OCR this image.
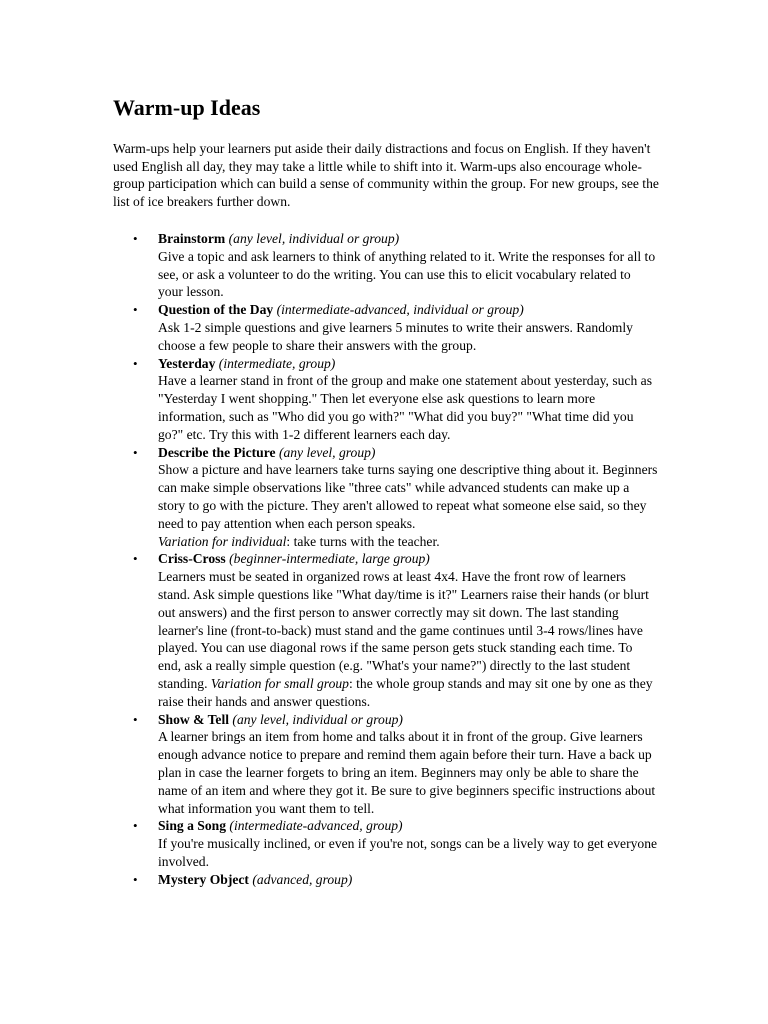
Warm-up Ideas

Warm-ups help your learners put aside their daily distractions and focus on English. If they haven't used English all day, they may take a little while to shift into it. Warm-ups also encourage whole-group participation which can build a sense of community within the group. For new groups, see the list of ice breakers further down.

• Brainstorm (any level, individual or group)
Give a topic and ask learners to think of anything related to it. Write the responses for all to see, or ask a volunteer to do the writing. You can use this to elicit vocabulary related to your lesson.
• Question of the Day (intermediate-advanced, individual or group)
Ask 1-2 simple questions and give learners 5 minutes to write their answers. Randomly choose a few people to share their answers with the group.
• Yesterday (intermediate, group)
Have a learner stand in front of the group and make one statement about yesterday, such as "Yesterday I went shopping." Then let everyone else ask questions to learn more information, such as "Who did you go with?" "What did you buy?" "What time did you go?" etc. Try this with 1-2 different learners each day.
• Describe the Picture (any level, group)
Show a picture and have learners take turns saying one descriptive thing about it. Beginners can make simple observations like "three cats" while advanced students can make up a story to go with the picture. They aren't allowed to repeat what someone else said, so they need to pay attention when each person speaks.
Variation for individual: take turns with the teacher.
• Criss-Cross (beginner-intermediate, large group)
Learners must be seated in organized rows at least 4x4. Have the front row of learners stand. Ask simple questions like "What day/time is it?" Learners raise their hands (or blurt out answers) and the first person to answer correctly may sit down. The last standing learner's line (front-to-back) must stand and the game continues until 3-4 rows/lines have played. You can use diagonal rows if the same person gets stuck standing each time. To end, ask a really simple question (e.g. "What's your name?") directly to the last student standing. Variation for small group: the whole group stands and may sit one by one as they raise their hands and answer questions.
• Show & Tell (any level, individual or group)
A learner brings an item from home and talks about it in front of the group. Give learners enough advance notice to prepare and remind them again before their turn. Have a back up plan in case the learner forgets to bring an item. Beginners may only be able to share the name of an item and where they got it. Be sure to give beginners specific instructions about what information you want them to tell.
• Sing a Song (intermediate-advanced, group)
If you're musically inclined, or even if you're not, songs can be a lively way to get everyone involved.
• Mystery Object (advanced, group)
